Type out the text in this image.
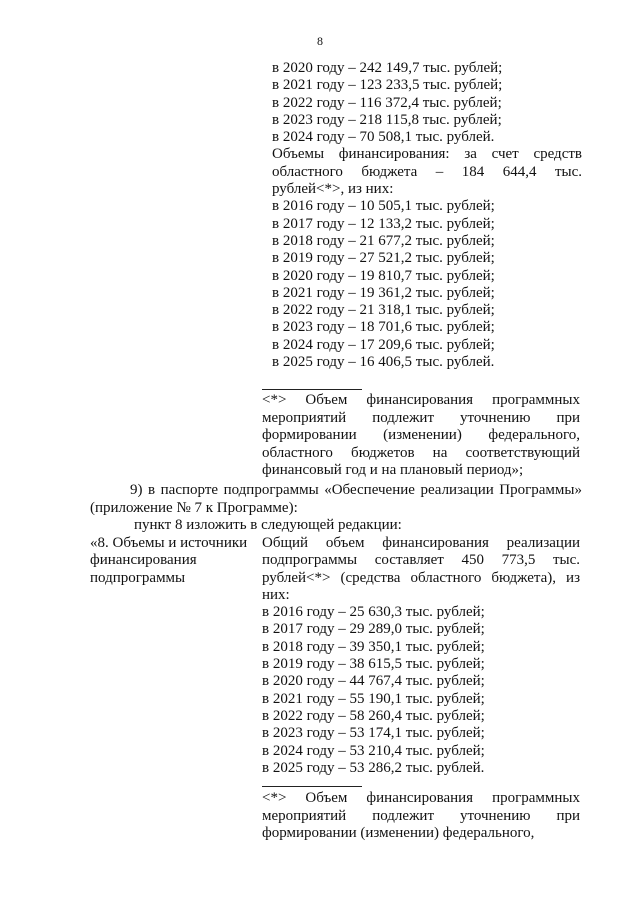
8
в 2020 году – 242 149,7 тыс. рублей;
в 2021 году – 123 233,5 тыс. рублей;
в 2022 году – 116 372,4 тыс. рублей;
в 2023 году – 218 115,8 тыс. рублей;
в 2024 году – 70 508,1 тыс. рублей.
Объемы финансирования: за счет средств
областного бюджета – 184 644,4 тыс.
рублей<*>, из них:
в 2016 году – 10 505,1 тыс. рублей;
в 2017 году – 12 133,2 тыс. рублей;
в 2018 году – 21 677,2 тыс. рублей;
в 2019 году – 27 521,2 тыс. рублей;
в 2020 году – 19 810,7 тыс. рублей;
в 2021 году – 19 361,2 тыс. рублей;
в 2022 году – 21 318,1 тыс. рублей;
в 2023 году – 18 701,6 тыс. рублей;
в 2024 году – 17 209,6 тыс. рублей;
в 2025 году – 16 406,5 тыс. рублей.
<*> Объем финансирования программных мероприятий подлежит уточнению при формировании (изменении) федерального, областного бюджетов на соответствующий финансовый год и на плановый период»;
9) в паспорте подпрограммы «Обеспечение реализации Программы»
(приложение № 7 к Программе):
пункт 8 изложить в следующей редакции:
«8. Объемы и источники
финансирования
подпрограммы
Общий объем финансирования реализации
подпрограммы составляет 450 773,5 тыс.
рублей<*> (средства областного бюджета), из
них:
в 2016 году – 25 630,3 тыс. рублей;
в 2017 году – 29 289,0 тыс. рублей;
в 2018 году – 39 350,1 тыс. рублей;
в 2019 году – 38 615,5 тыс. рублей;
в 2020 году – 44 767,4 тыс. рублей;
в 2021 году – 55 190,1 тыс. рублей;
в 2022 году – 58 260,4 тыс. рублей;
в 2023 году – 53 174,1 тыс. рублей;
в 2024 году – 53 210,4 тыс. рублей;
в 2025 году – 53 286,2 тыс. рублей.
<*> Объем финансирования программных мероприятий подлежит уточнению при формировании (изменении) федерального,
